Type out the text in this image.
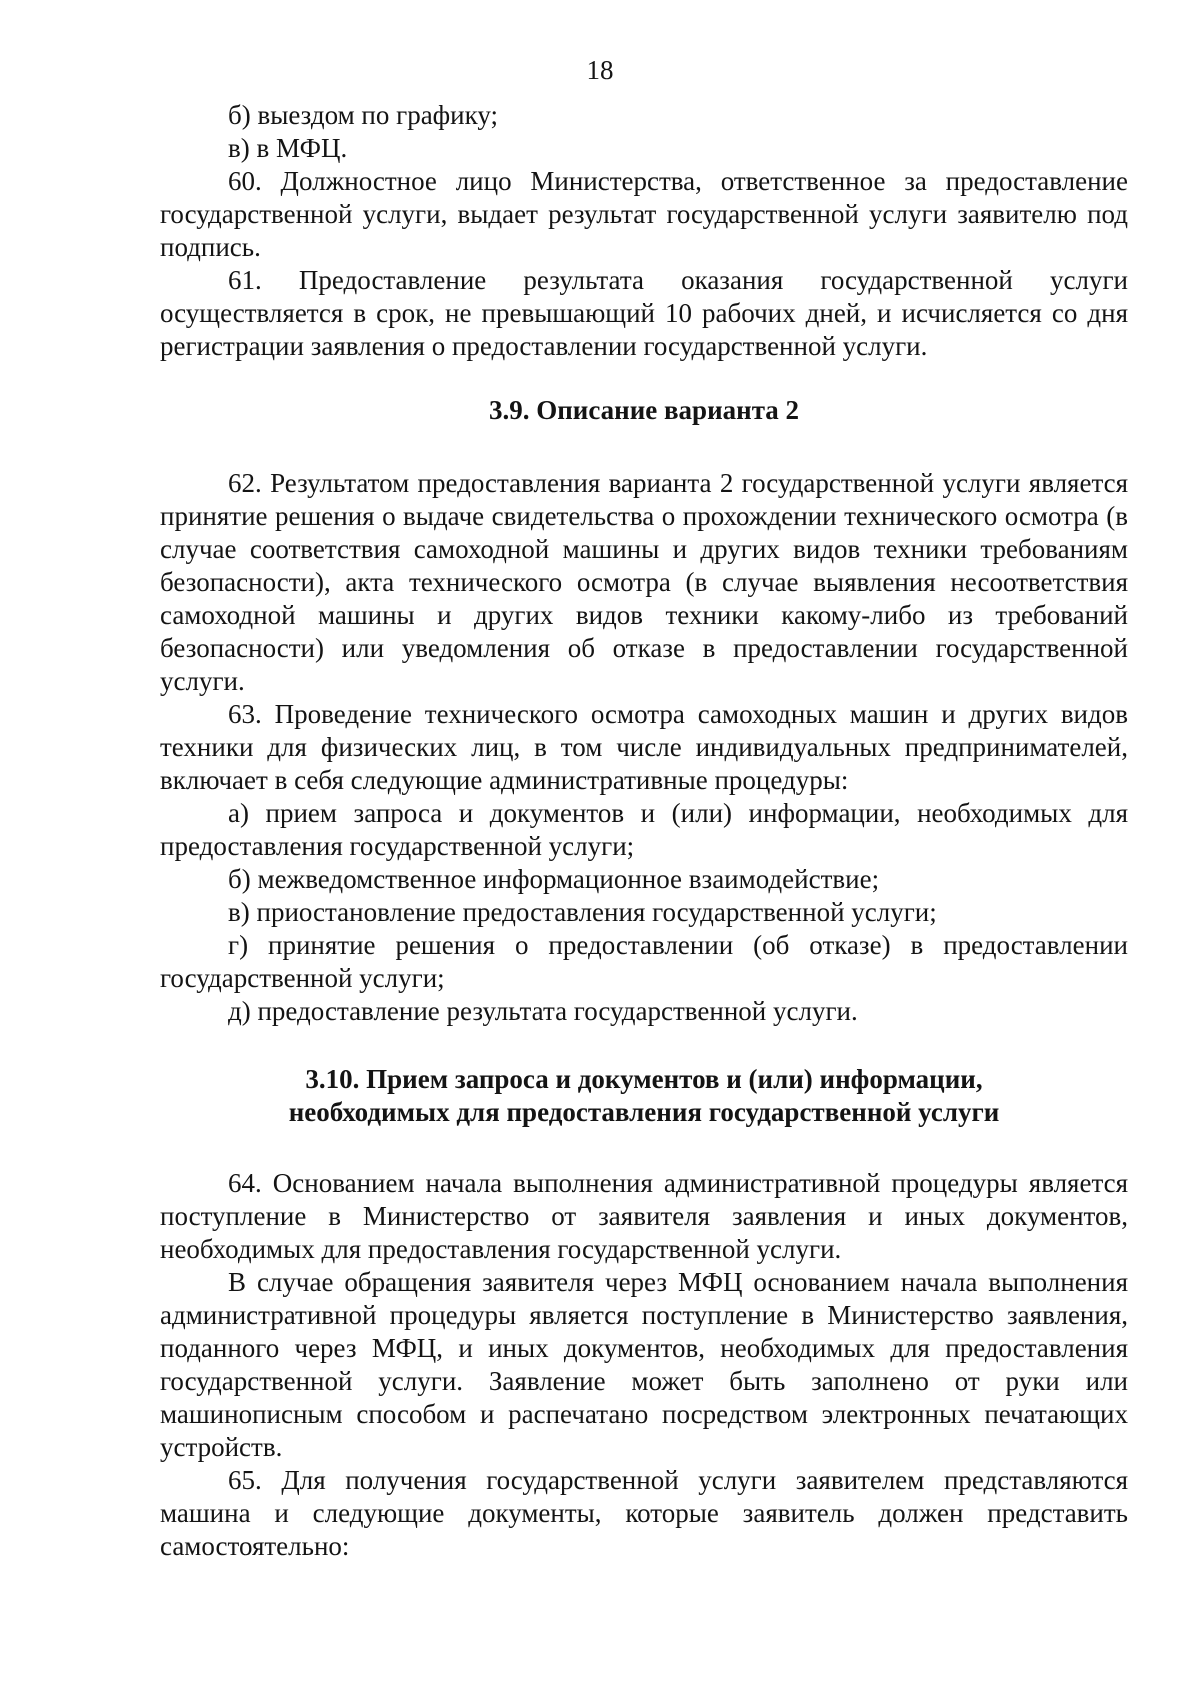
18

б) выездом по графику;

в) в МФЦ.

60. Должностное лицо Министерства, ответственное за предоставление государственной услуги, выдает результат государственной услуги заявителю под подпись.

61. Предоставление результата оказания государственной услуги осуществляется в срок, не превышающий 10 рабочих дней, и исчисляется со дня регистрации заявления о предоставлении государственной услуги.

3.9. Описание варианта 2

62. Результатом предоставления варианта 2 государственной услуги является принятие решения о выдаче свидетельства о прохождении технического осмотра (в случае соответствия самоходной машины и других видов техники требованиям безопасности), акта технического осмотра (в случае выявления несоответствия самоходной машины и других видов техники какому-либо из требований безопасности) или уведомления об отказе в предоставлении государственной услуги.

63. Проведение технического осмотра самоходных машин и других видов техники для физических лиц, в том числе индивидуальных предпринимателей, включает в себя следующие административные процедуры:

а) прием запроса и документов и (или) информации, необходимых для предоставления государственной услуги;

б) межведомственное информационное взаимодействие;

в) приостановление предоставления государственной услуги;

г) принятие решения о предоставлении (об отказе) в предоставлении государственной услуги;

д) предоставление результата государственной услуги.

3.10. Прием запроса и документов и (или) информации,
необходимых для предоставления государственной услуги

64. Основанием начала выполнения административной процедуры является поступление в Министерство от заявителя заявления и иных документов, необходимых для предоставления государственной услуги.

В случае обращения заявителя через МФЦ основанием начала выполнения административной процедуры является поступление в Министерство заявления, поданного через МФЦ, и иных документов, необходимых для предоставления государственной услуги. Заявление может быть заполнено от руки или машинописным способом и распечатано посредством электронных печатающих устройств.

65. Для получения государственной услуги заявителем представляются машина и следующие документы, которые заявитель должен представить самостоятельно:
